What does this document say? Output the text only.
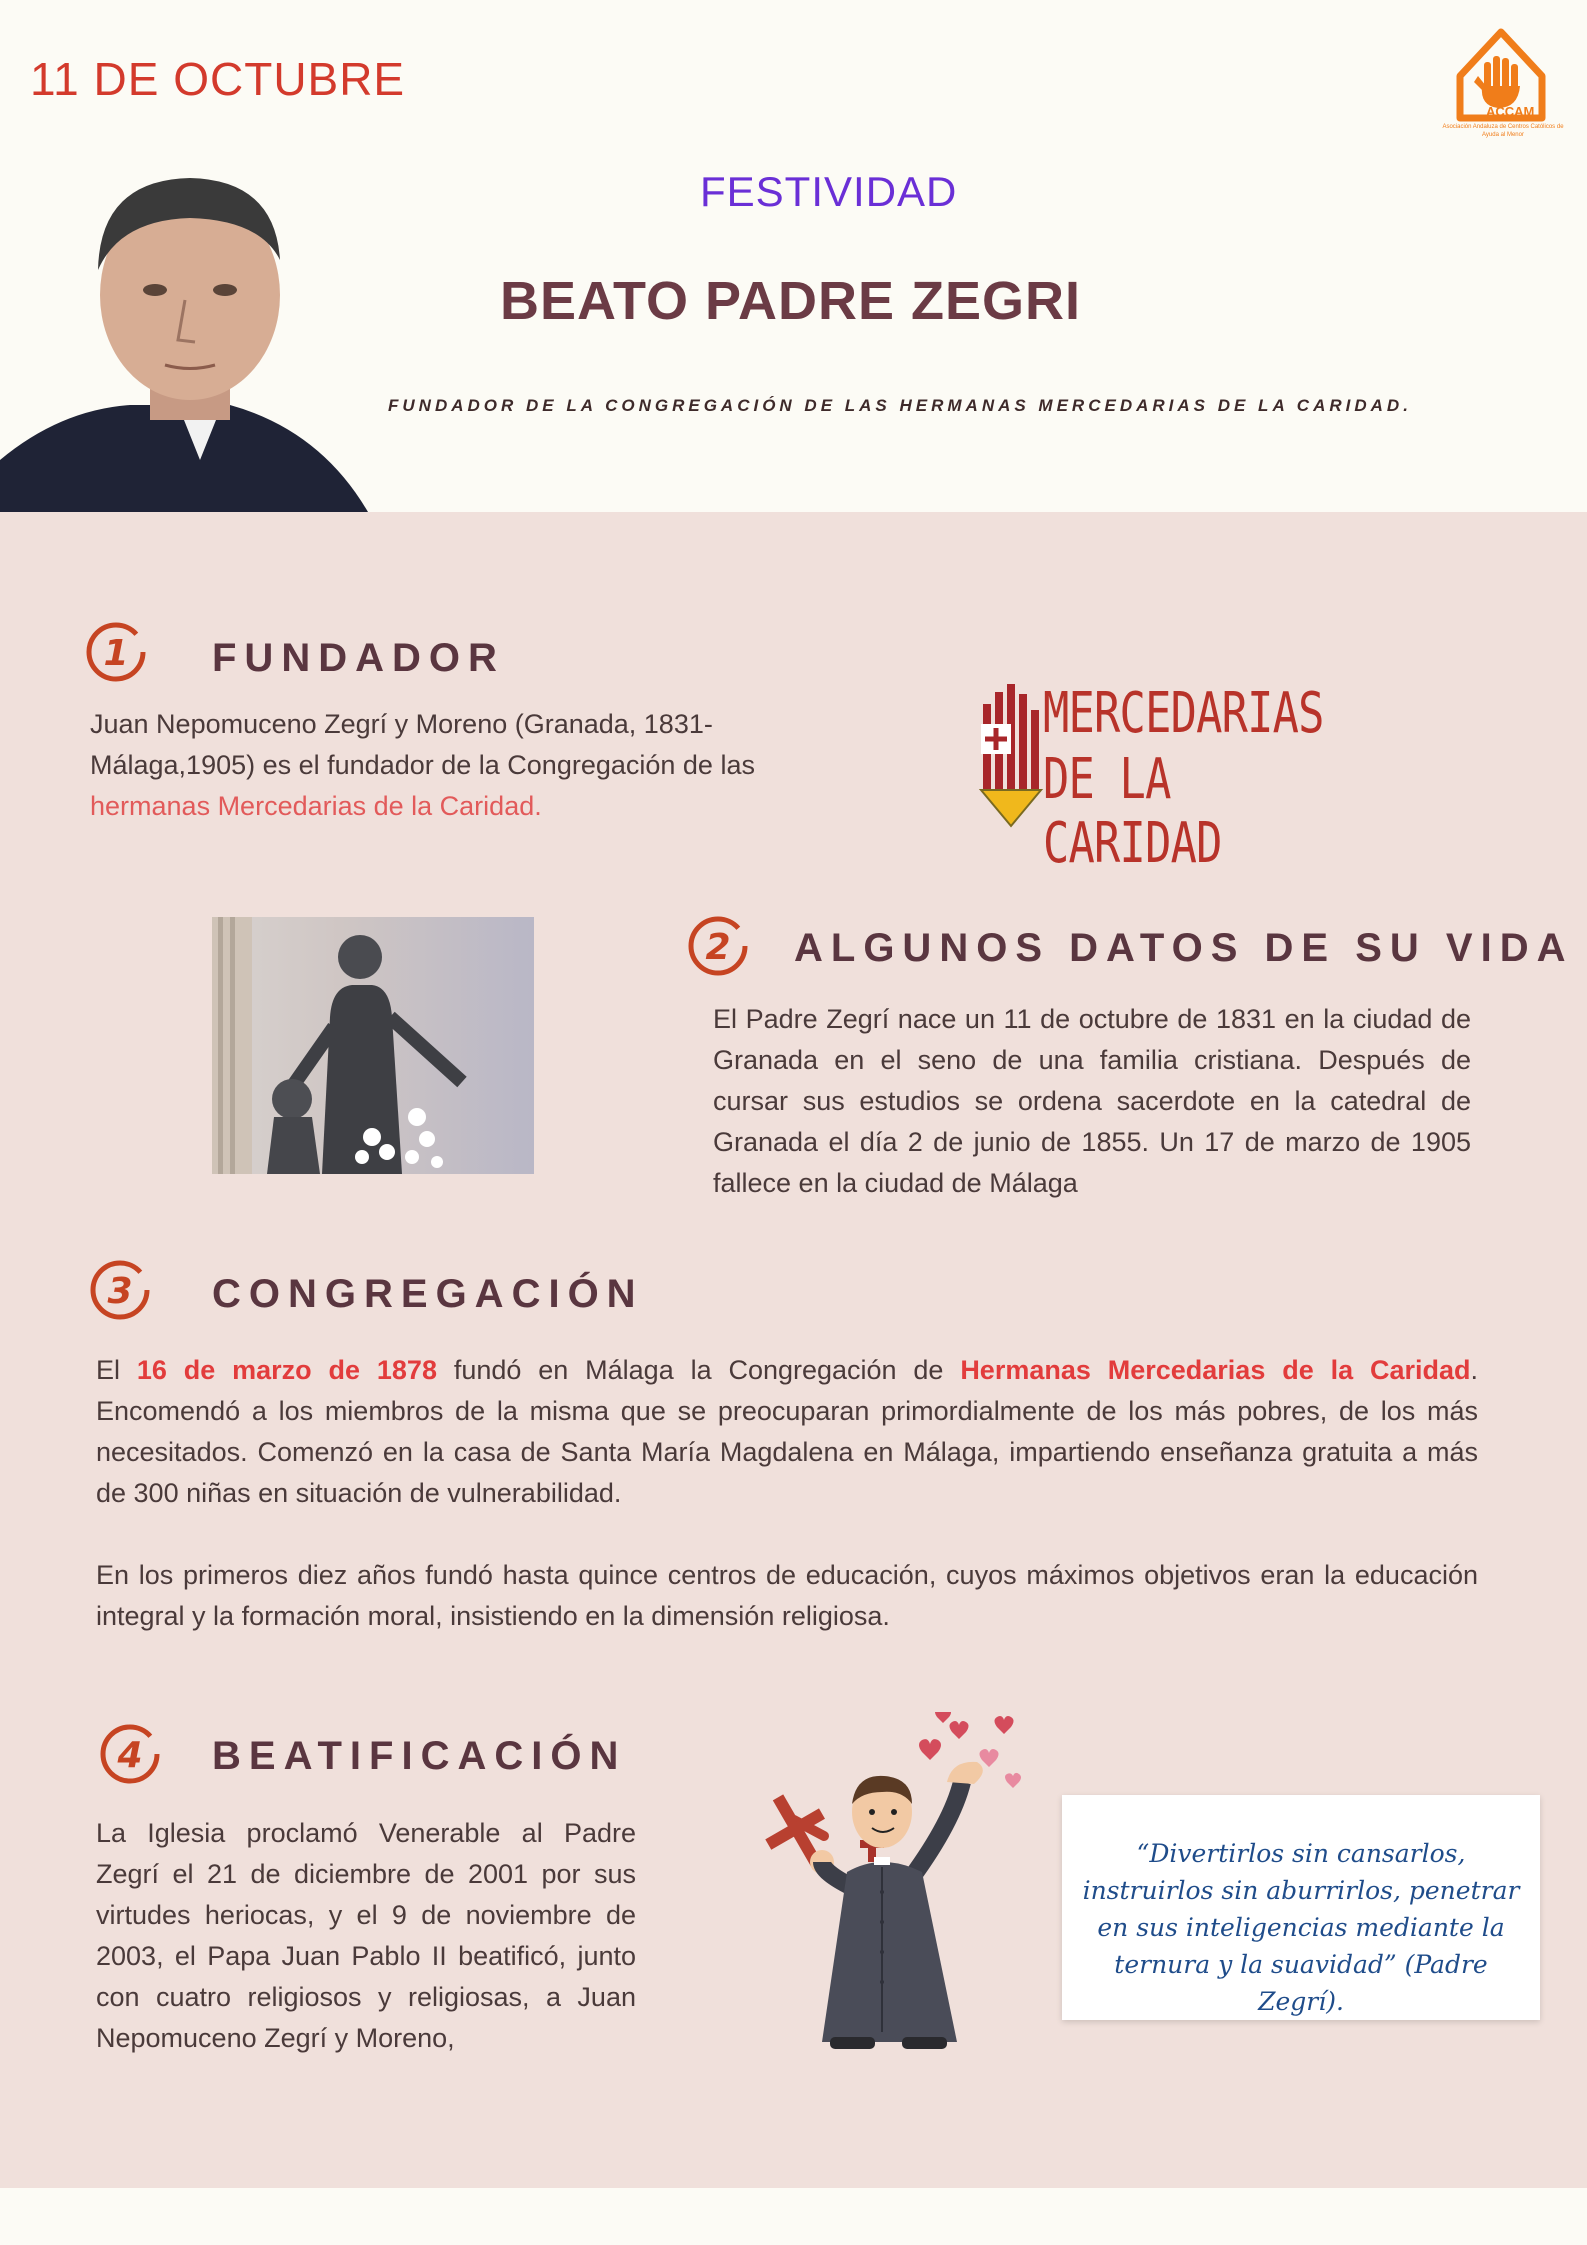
11 DE OCTUBRE
FESTIVIDAD
BEATO PADRE ZEGRI
FUNDADOR DE LA CONGREGACIÓN DE LAS HERMANAS MERCEDARIAS DE LA CARIDAD.
ACCAM
Asociación Andaluza de Centros Católicos de Ayuda al Menor
1 FUNDADOR
Juan Nepomuceno Zegrí y Moreno (Granada, 1831-Málaga,1905) es el fundador de la Congregación de las hermanas Mercedarias de la Caridad.
MERCEDARIAS
DE LA CARIDAD
2 ALGUNOS DATOS DE SU VIDA
El Padre Zegrí nace un 11 de octubre de 1831 en la ciudad de Granada en el seno de una familia cristiana. Después de cursar sus estudios se ordena sacerdote en la catedral de Granada el día 2 de junio de 1855. Un 17 de marzo de 1905 fallece en la ciudad de Málaga
3 CONGREGACIÓN
El 16 de marzo de 1878 fundó en Málaga la Congregación de Hermanas Mercedarias de la Caridad. Encomendó a los miembros de la misma que se preocuparan primordialmente de los más pobres, de los más necesitados. Comenzó en la casa de Santa María Magdalena en Málaga, impartiendo enseñanza gratuita a más de 300 niñas en situación de vulnerabilidad.
En los primeros diez años fundó hasta quince centros de educación, cuyos máximos objetivos eran la educación integral y la formación moral, insistiendo en la dimensión religiosa.
4 BEATIFICACIÓN
La Iglesia proclamó Venerable al Padre Zegrí el 21 de diciembre de 2001 por sus virtudes heriocas, y el 9 de noviembre de 2003, el Papa Juan Pablo II beatificó, junto con cuatro religiosos y religiosas, a Juan Nepomuceno Zegrí y Moreno,
“Divertirlos sin cansarlos, instruirlos sin aburrirlos, penetrar en sus inteligencias mediante la ternura y la suavidad” (Padre Zegrí).
